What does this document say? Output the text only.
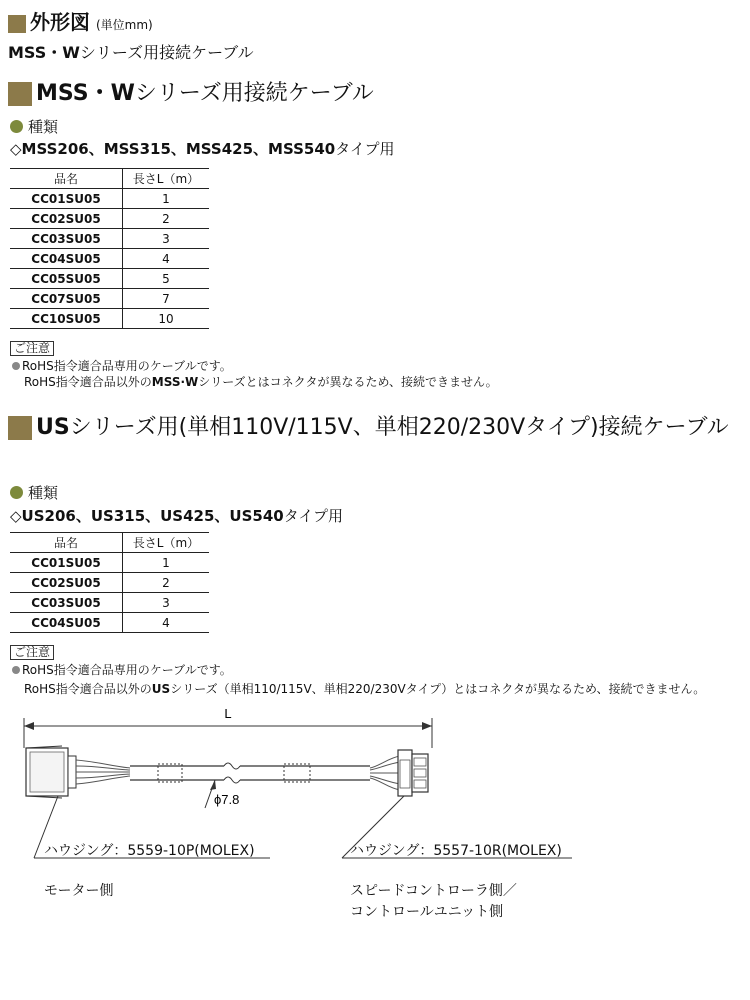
外形図 (単位mm)
MSS・Wシリーズ用接続ケーブル
MSS・Wシリーズ用接続ケーブル
種類
◇MSS206、MSS315、MSS425、MSS540タイプ用
品名	長さL（m）
CC01SU05	1
CC02SU05	2
CC03SU05	3
CC04SU05	4
CC05SU05	5
CC07SU05	7
CC10SU05	10
ご注意
RoHS指令適合品専用のケーブルです。
RoHS指令適合品以外のMSS·Wシリーズとはコネクタが異なるため、接続できません。
USシリーズ用(単相110V/115V、単相220/230Vタイプ)接続ケーブル
種類
◇US206、US315、US425、US540タイプ用
品名	長さL（m）
CC01SU05	1
CC02SU05	2
CC03SU05	3
CC04SU05	4
ご注意
RoHS指令適合品専用のケーブルです。
RoHS指令適合品以外のUSシリーズ（単相110/115V、単相220/230Vタイプ）とはコネクタが異なるため、接続できません。
L
ϕ7.8
ハウジング：5559-10P(MOLEX)
モーター側
ハウジング：5557-10R(MOLEX)
スピードコントローラ側／
コントロールユニット側
